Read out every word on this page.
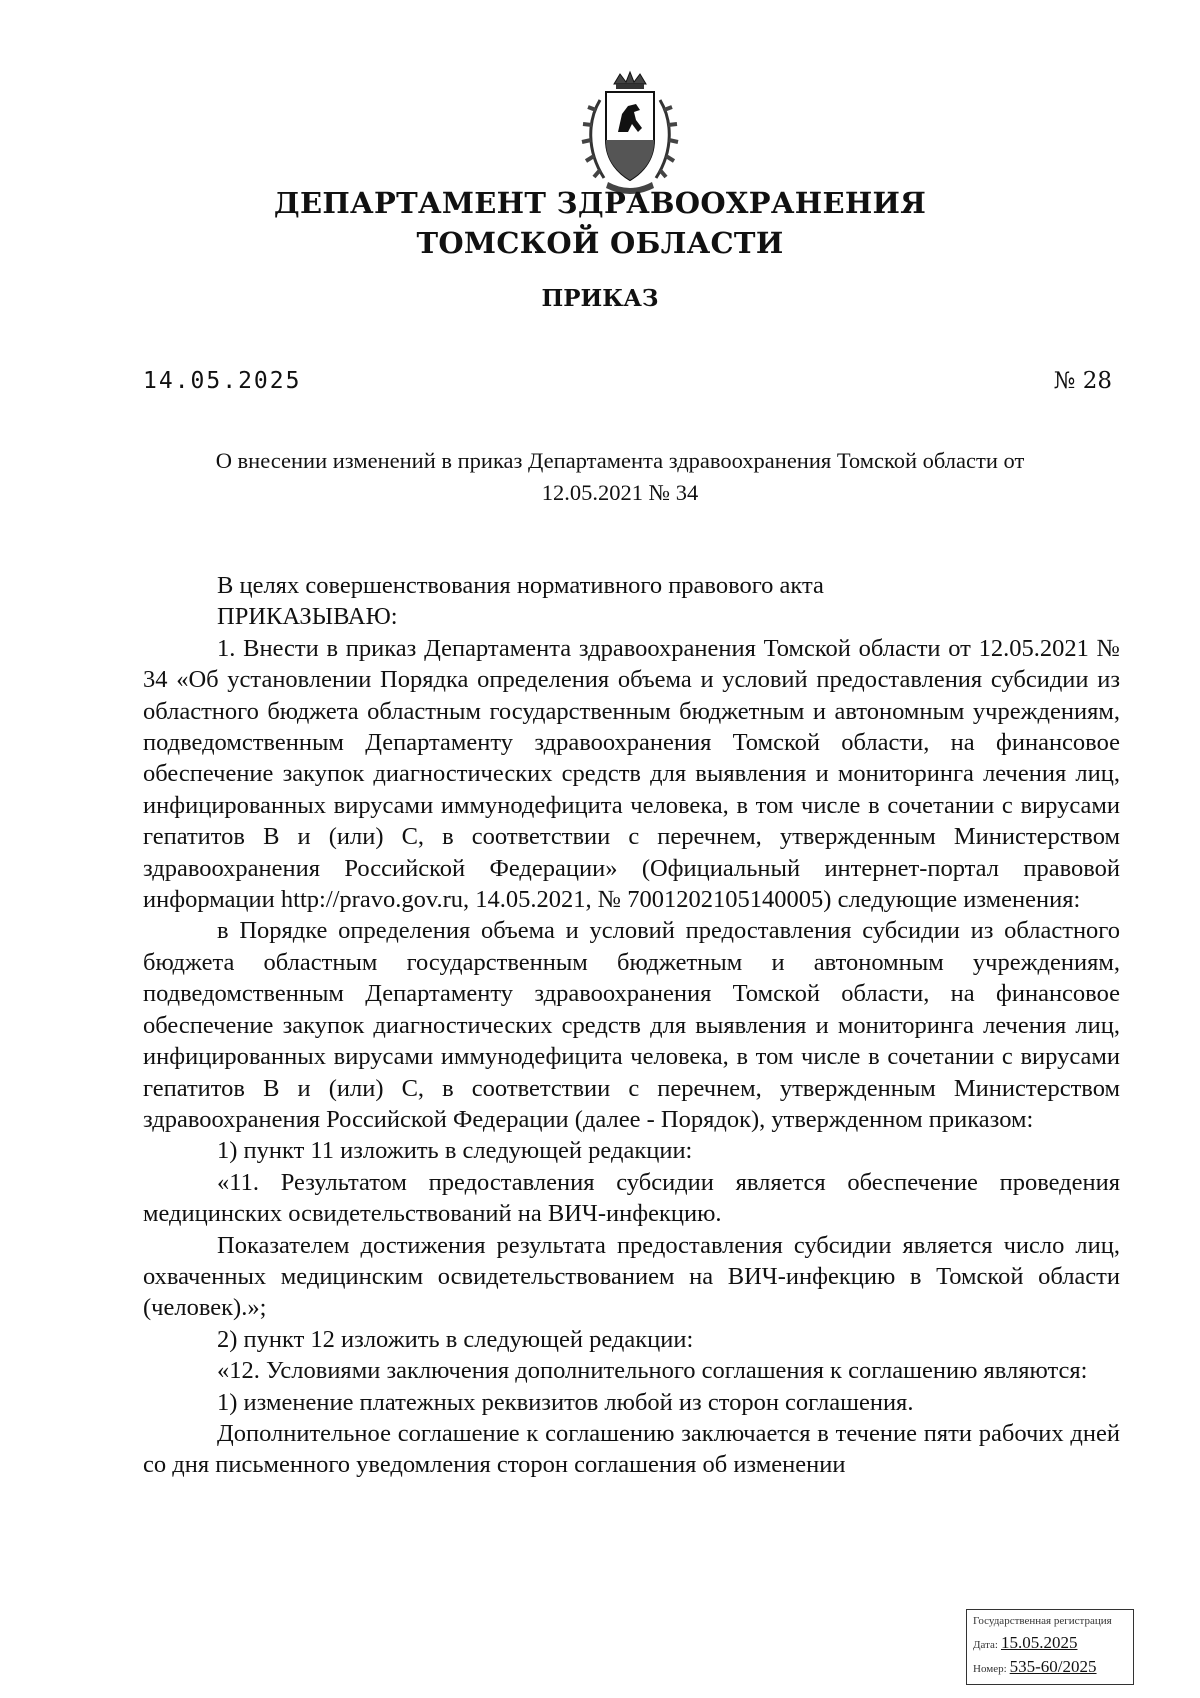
ДЕПАРТАМЕНТ ЗДРАВООХРАНЕНИЯ
ТОМСКОЙ ОБЛАСТИ
ПРИКАЗ
14.05.2025	№ 28
О внесении изменений в приказ Департамента здравоохранения Томской области от
12.05.2021 № 34

В целях совершенствования нормативного правового акта

ПРИКАЗЫВАЮ:

1. Внести в приказ Департамента здравоохранения Томской области от 12.05.2021 № 34 «Об установлении Порядка определения объема и условий предоставления субсидии из областного бюджета областным государственным бюджетным и автономным учреждениям, подведомственным Департаменту здравоохранения Томской области, на финансовое обеспечение закупок диагностических средств для выявления и мониторинга лечения лиц, инфицированных вирусами иммунодефицита человека, в том числе в сочетании с вирусами гепатитов B и (или) C, в соответствии с перечнем, утвержденным Министерством здравоохранения Российской Федерации» (Официальный интернет-портал правовой информации http://pravo.gov.ru, 14.05.2021, № 7001202105140005) следующие изменения:

в Порядке определения объема и условий предоставления субсидии из областного бюджета областным государственным бюджетным и автономным учреждениям, подведомственным Департаменту здравоохранения Томской области, на финансовое обеспечение закупок диагностических средств для выявления и мониторинга лечения лиц, инфицированных вирусами иммунодефицита человека, в том числе в сочетании с вирусами гепатитов B и (или) C, в соответствии с перечнем, утвержденным Министерством здравоохранения Российской Федерации (далее - Порядок), утвержденном приказом:

1) пункт 11 изложить в следующей редакции:

«11. Результатом предоставления субсидии является обеспечение проведения медицинских освидетельствований на ВИЧ-инфекцию.

Показателем достижения результата предоставления субсидии является число лиц, охваченных медицинским освидетельствованием на ВИЧ-инфекцию в Томской области (человек).»;

2) пункт 12 изложить в следующей редакции:

«12. Условиями заключения дополнительного соглашения к соглашению являются:

1) изменение платежных реквизитов любой из сторон соглашения.

Дополнительное соглашение к соглашению заключается в течение пяти рабочих дней со дня письменного уведомления сторон соглашения об изменении

Государственная регистрация
Дата: 15.05.2025
Номер: 535-60/2025
